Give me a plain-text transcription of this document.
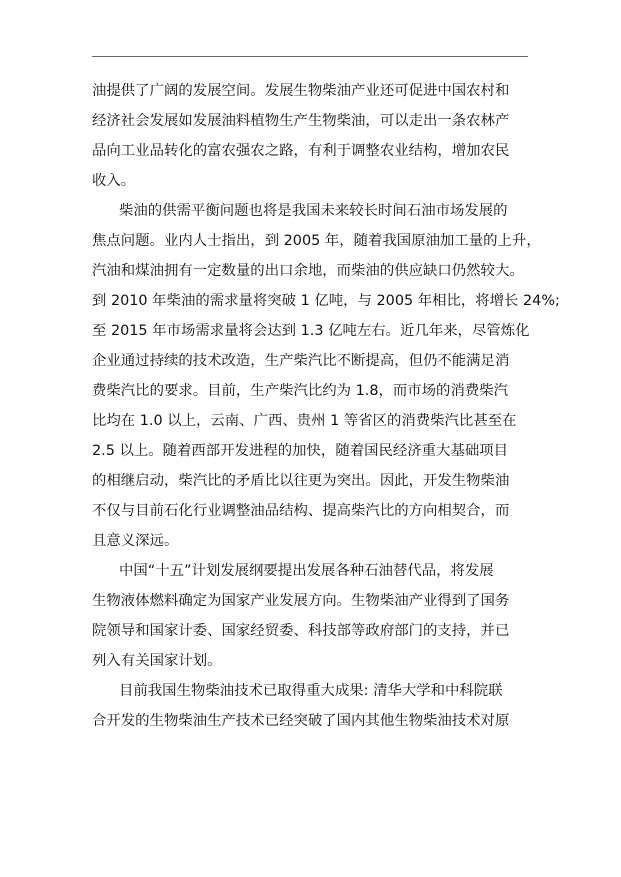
油提供了广阔的发展空间。发展生物柴油产业还可促进中国农村和
经济社会发展如发展油料植物生产生物柴油，可以走出一条农林产
品向工业品转化的富农强农之路，有利于调整农业结构，增加农民
收入。
柴油的供需平衡问题也将是我国未来较长时间石油市场发展的
焦点问题。业内人士指出，到 2005 年，随着我国原油加工量的上升，
汽油和煤油拥有一定数量的出口余地，而柴油的供应缺口仍然较大。
到 2010 年柴油的需求量将突破 1 亿吨，与 2005 年相比，将增长 24%;
至 2015 年市场需求量将会达到 1.3 亿吨左右。近几年来，尽管炼化
企业通过持续的技术改造，生产柴汽比不断提高，但仍不能满足消
费柴汽比的要求。目前，生产柴汽比约为 1.8，而市场的消费柴汽
比均在 1.0 以上，云南、广西、贵州 1 等省区的消费柴汽比甚至在
2.5 以上。随着西部开发进程的加快，随着国民经济重大基础项目
的相继启动，柴汽比的矛盾比以往更为突出。因此，开发生物柴油
不仅与目前石化行业调整油品结构、提高柴汽比的方向相契合，而
且意义深远。
中国“十五”计划发展纲要提出发展各种石油替代品，将发展
生物液体燃料确定为国家产业发展方向。生物柴油产业得到了国务
院领导和国家计委、国家经贸委、科技部等政府部门的支持，并已
列入有关国家计划。
目前我国生物柴油技术已取得重大成果: 清华大学和中科院联
合开发的生物柴油生产技术已经突破了国内其他生物柴油技术对原
